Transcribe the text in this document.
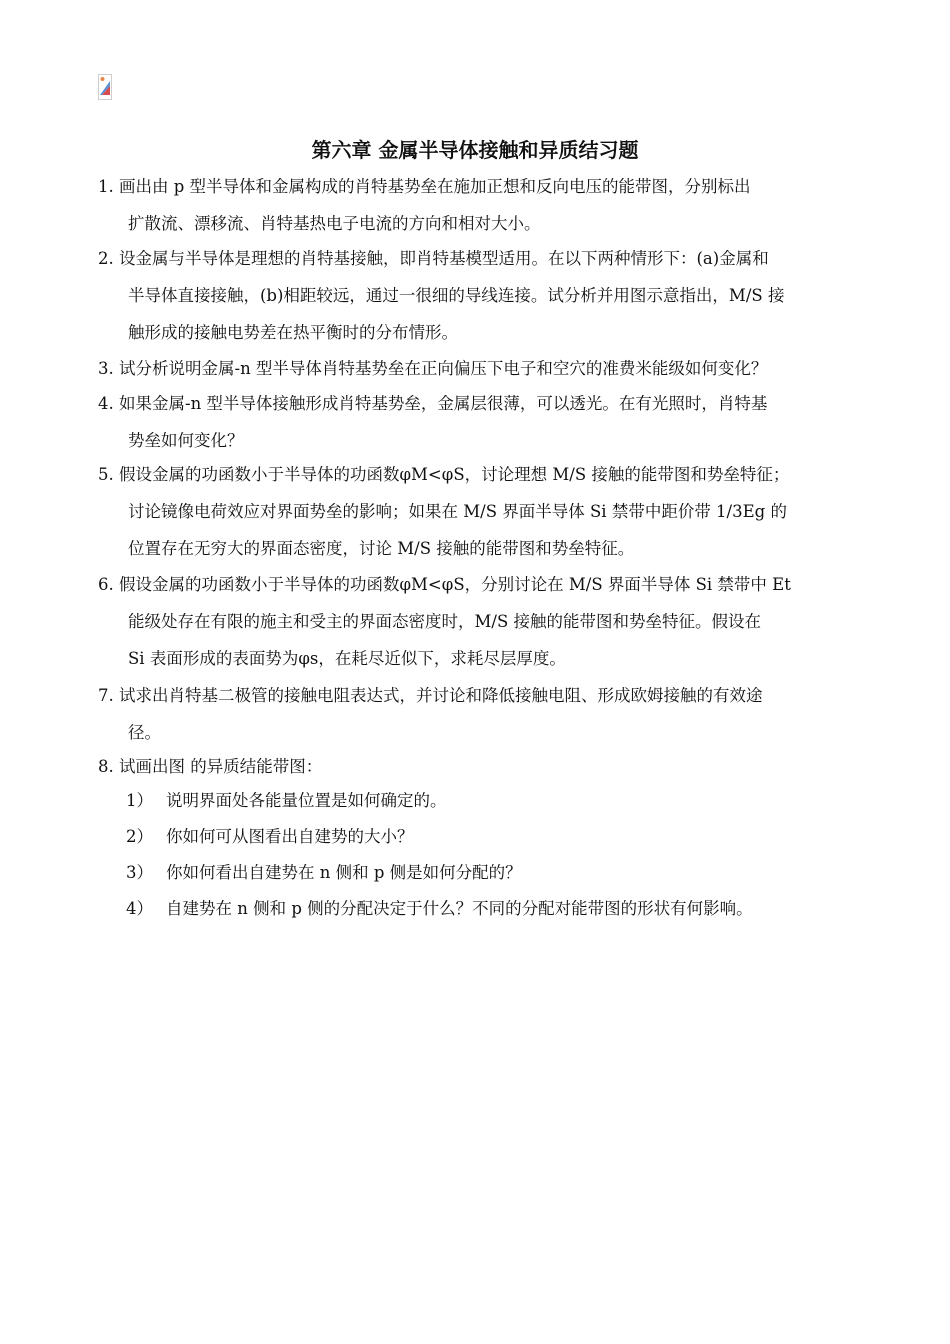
第六章 金属半导体接触和异质结习题
1. 画出由 p 型半导体和金属构成的肖特基势垒在施加正想和反向电压的能带图，分别标出
扩散流、漂移流、肖特基热电子电流的方向和相对大小。
2. 设金属与半导体是理想的肖特基接触，即肖特基模型适用。在以下两种情形下：(a)金属和
半导体直接接触，(b)相距较远，通过一很细的导线连接。试分析并用图示意指出，M/S 接
触形成的接触电势差在热平衡时的分布情形。
3. 试分析说明金属-n 型半导体肖特基势垒在正向偏压下电子和空穴的准费米能级如何变化？
4. 如果金属-n 型半导体接触形成肖特基势垒，金属层很薄，可以透光。在有光照时，肖特基
势垒如何变化？
5. 假设金属的功函数小于半导体的功函数φM<φS，讨论理想 M/S 接触的能带图和势垒特征；
讨论镜像电荷效应对界面势垒的影响；如果在 M/S 界面半导体 Si 禁带中距价带 1/3Eg 的
位置存在无穷大的界面态密度，讨论 M/S 接触的能带图和势垒特征。
6. 假设金属的功函数小于半导体的功函数φM<φS，分别讨论在 M/S 界面半导体 Si 禁带中 Et
能级处存在有限的施主和受主的界面态密度时，M/S 接触的能带图和势垒特征。假设在
Si 表面形成的表面势为φs，在耗尽近似下，求耗尽层厚度。
7. 试求出肖特基二极管的接触电阻表达式，并讨论和降低接触电阻、形成欧姆接触的有效途
径。
8. 试画出图 的异质结能带图：
1） 说明界面处各能量位置是如何确定的。
2） 你如何可从图看出自建势的大小？
3） 你如何看出自建势在 n 侧和 p 侧是如何分配的？
4） 自建势在 n 侧和 p 侧的分配决定于什么？不同的分配对能带图的形状有何影响。
